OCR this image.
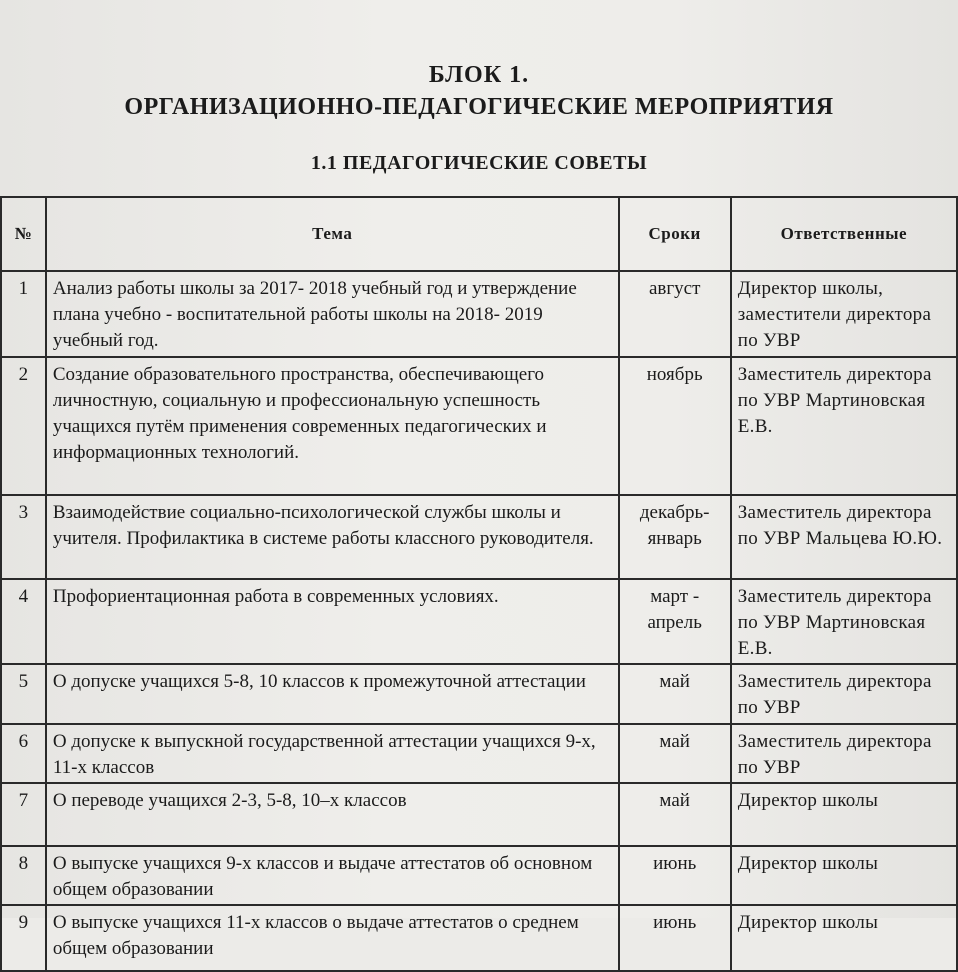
БЛОК 1.
ОРГАНИЗАЦИОННО-ПЕДАГОГИЧЕСКИЕ МЕРОПРИЯТИЯ
1.1 ПЕДАГОГИЧЕСКИЕ СОВЕТЫ
№	Тема	Сроки	Ответственные
1	Анализ работы школы за 2017- 2018 учебный год и утверждение плана учебно - воспитательной работы школы на 2018- 2019 учебный год.	август	Директор школы, заместители директора по УВР
2	Создание образовательного пространства, обеспечивающего личностную, социальную и профессиональную успешность учащихся путём применения современных педагогических и информационных технологий.	ноябрь	Заместитель директора по УВР Мартиновская Е.В.
3	Взаимодействие социально-психологической службы школы и учителя. Профилактика в системе работы классного руководителя.	декабрь-январь	Заместитель директора по УВР Мальцева Ю.Ю.
4	Профориентационная работа в современных условиях.	март - апрель	Заместитель директора по УВР Мартиновская Е.В.
5	О допуске учащихся 5-8, 10 классов к промежуточной аттестации	май	Заместитель директора по УВР
6	О допуске к выпускной государственной аттестации учащихся 9-х, 11-х классов	май	Заместитель директора по УВР
7	О переводе учащихся 2-3, 5-8, 10–х классов	май	Директор школы
8	О выпуске учащихся 9-х классов и выдаче аттестатов об основном общем образовании	июнь	Директор школы
9	О выпуске учащихся 11-х классов о выдаче аттестатов о среднем общем образовании	июнь	Директор школы
